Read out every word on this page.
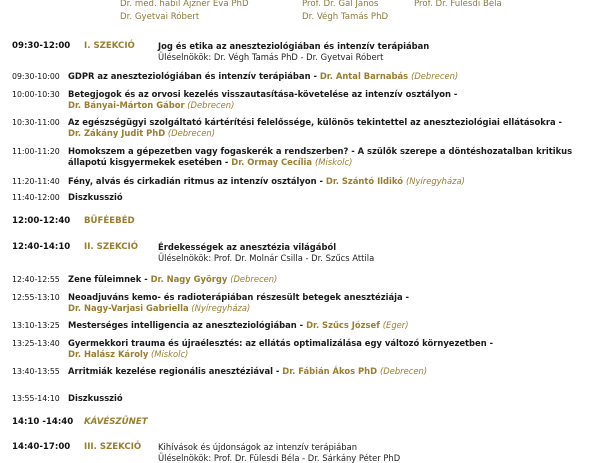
Dr. med. habil Ajzner Éva PhD
Dr. Gyetvai Róbert
Prof. Dr. Gál János
Dr. Végh Tamás PhD
Prof. Dr. Fülesdi Béla
09:30-12:00 I. SZEKCIÓ	Jog és etika az aneszteziológiában és intenzív terápiában
Üléselnökök: Dr. Végh Tamás PhD - Dr. Gyetvai Róbert
09:30-10:00 GDPR az aneszteziológiában és intenzív terápiában - Dr. Antal Barnabás (Debrecen)
10:00-10:30 Betegjogok és az orvosi kezelés visszautasítása-követelése az intenzív osztályon -
Dr. Bányai-Márton Gábor (Debrecen)
10:30-11:00 Az egészségügyi szolgáltató kártérítési felelőssége, különös tekintettel az aneszteziológiai ellátásokra -
Dr. Zákány Judit PhD (Debrecen)
11:00-11:20 Homokszem a gépezetben vagy fogaskerék a rendszerben? - A szülők szerepe a döntéshozatalban kritikus
állapotú kisgyermekek esetében - Dr. Ormay Cecília (Miskolc)
11:20-11:40 Fény, alvás és cirkadián ritmus az intenzív osztályon - Dr. Szántó Ildikó (Nyíregyháza)
11:40-12:00 Diszkusszió
12:00-12:40 BÜFÉEBÉD
12:40-14:10 II. SZEKCIÓ Érdekességek az anesztézia világából
Üléselnökök: Prof. Dr. Molnár Csilla - Dr. Szűcs Attila
12:40-12:55 Zene füleimnek - Dr. Nagy György (Debrecen)
12:55-13:10 Neoadjuváns kemo- és radioterápiában részesült betegek anesztéziája -
Dr. Nagy-Varjasi Gabriella (Nyíregyháza)
13:10-13:25 Mesterséges intelligencia az aneszteziológiában - Dr. Szűcs József (Eger)
13:25-13:40 Gyermekkori trauma és újraélesztés: az ellátás optimalizálása egy változó környezetben -
Dr. Halász Károly (Miskolc)
13:40-13:55 Arritmiák kezelése regionális anesztéziával - Dr. Fábián Ákos PhD (Debrecen)
13:55-14:10 Diszkusszió
14:10 -14:40 KÁVÉSZÜNET
14:40-17:00 III. SZEKCIÓ Kihívások és újdonságok az intenzív terápiában
Üléselnökök: Prof. Dr. Fülesdi Béla - Dr. Sárkány Péter PhD
